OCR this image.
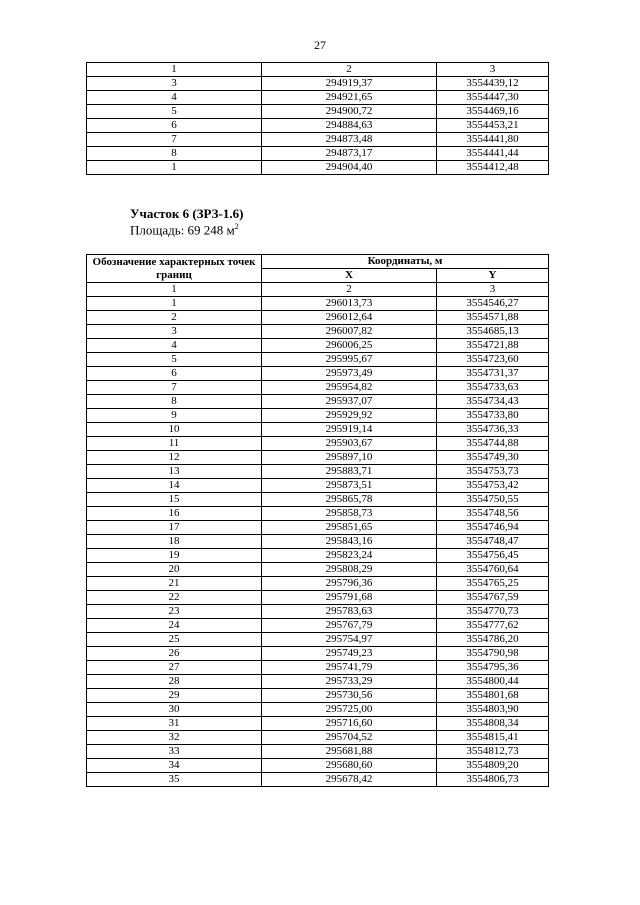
27
1	2	3
3	294919,37	3554439,12
4	294921,65	3554447,30
5	294900,72	3554469,16
6	294884,63	3554453,21
7	294873,48	3554441,80
8	294873,17	3554441,44
1	294904,40	3554412,48
Участок 6 (ЗРЗ-1.6)
Площадь: 69 248 $м^2$
Обозначение характерных точек границ	Координаты, м	
	X	Y
1	2	3
1	296013,73	3554546,27
2	296012,64	3554571,88
3	296007,82	3554685,13
4	296006,25	3554721,88
5	295995,67	3554723,60
6	295973,49	3554731,37
7	295954,82	3554733,63
8	295937,07	3554734,43
9	295929,92	3554733,80
10	295919,14	3554736,33
11	295903,67	3554744,88
12	295897,10	3554749,30
13	295883,71	3554753,73
14	295873,51	3554753,42
15	295865,78	3554750,55
16	295858,73	3554748,56
17	295851,65	3554746,94
18	295843,16	3554748,47
19	295823,24	3554756,45
20	295808,29	3554760,64
21	295796,36	3554765,25
22	295791,68	3554767,59
23	295783,63	3554770,73
24	295767,79	3554777,62
25	295754,97	3554786,20
26	295749,23	3554790,98
27	295741,79	3554795,36
28	295733,29	3554800,44
29	295730,56	3554801,68
30	295725,00	3554803,90
31	295716,60	3554808,34
32	295704,52	3554815,41
33	295681,88	3554812,73
34	295680,60	3554809,20
35	295678,42	3554806,73
